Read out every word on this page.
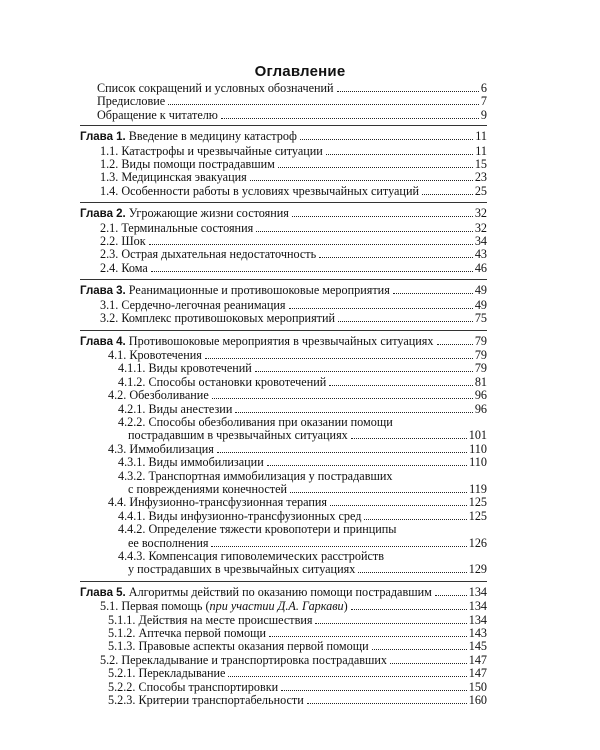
Оглавление
Список сокращений и условных обозначений	6
Предисловие	7
Обращение к читателю	9
Глава 1. Введение в медицину катастроф	11
1.1. Катастрофы и чрезвычайные ситуации	11
1.2. Виды помощи пострадавшим	15
1.3. Медицинская эвакуация	23
1.4. Особенности работы в условиях чрезвычайных ситуаций	25
Глава 2. Угрожающие жизни состояния	32
2.1. Терминальные состояния	32
2.2. Шок	34
2.3. Острая дыхательная недостаточность	43
2.4. Кома	46
Глава 3. Реанимационные и противошоковые мероприятия	49
3.1. Сердечно-легочная реанимация	49
3.2. Комплекс противошоковых мероприятий	75
Глава 4. Противошоковые мероприятия в чрезвычайных ситуациях	79
4.1. Кровотечения	79
4.1.1. Виды кровотечений	79
4.1.2. Способы остановки кровотечений	81
4.2. Обезболивание	96
4.2.1. Виды анестезии	96
4.2.2. Способы обезболивания при оказании помощи
пострадавшим в чрезвычайных ситуациях	101
4.3. Иммобилизация	110
4.3.1. Виды иммобилизации	110
4.3.2. Транспортная иммобилизация у пострадавших
с повреждениями конечностей	119
4.4. Инфузионно-трансфузионная терапия	125
4.4.1. Виды инфузионно-трансфузионных сред	125
4.4.2. Определение тяжести кровопотери и принципы
ее восполнения	126
4.4.3. Компенсация гиповолемических расстройств
у пострадавших в чрезвычайных ситуациях	129
Глава 5. Алгоритмы действий по оказанию помощи пострадавшим	134
5.1. Первая помощь (при участии Д.А. Гаркави)	134
5.1.1. Действия на месте происшествия	134
5.1.2. Аптечка первой помощи	143
5.1.3. Правовые аспекты оказания первой помощи	145
5.2. Перекладывание и транспортировка пострадавших	147
5.2.1. Перекладывание	147
5.2.2. Способы транспортировки	150
5.2.3. Критерии транспортабельности	160
